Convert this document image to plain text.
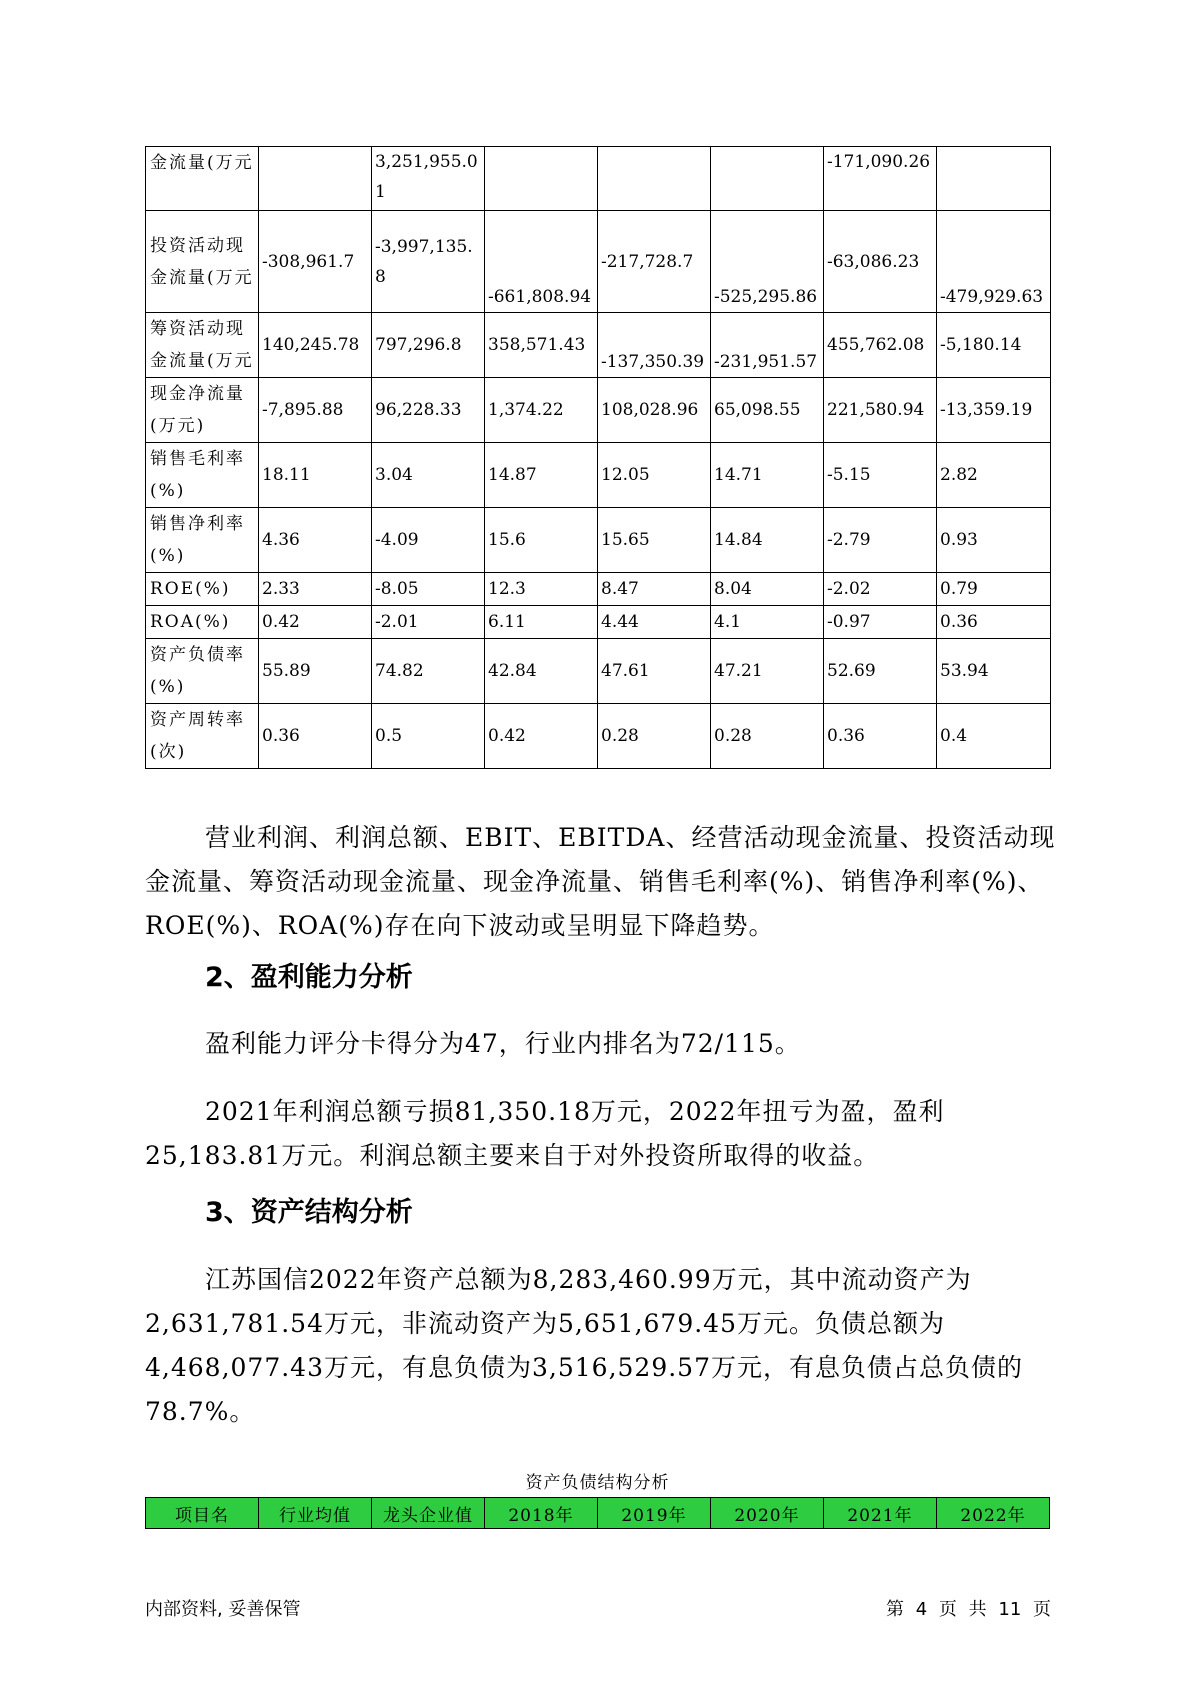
金流量(万元		3,251,955.01				-171,090.26	
投资活动现金流量(万元	-308,961.7	-3,997,135.8	-661,808.94	-217,728.7	-525,295.86	-63,086.23	-479,929.63
筹资活动现金流量(万元	140,245.78	797,296.8	358,571.43	-137,350.39	-231,951.57	455,762.08	-5,180.14
现金净流量(万元)	-7,895.88	96,228.33	1,374.22	108,028.96	65,098.55	221,580.94	-13,359.19
销售毛利率(%)	18.11	3.04	14.87	12.05	14.71	-5.15	2.82
销售净利率(%)	4.36	-4.09	15.6	15.65	14.84	-2.79	0.93
ROE(%)	2.33	-8.05	12.3	8.47	8.04	-2.02	0.79
ROA(%)	0.42	-2.01	6.11	4.44	4.1	-0.97	0.36
资产负债率(%)	55.89	74.82	42.84	47.61	47.21	52.69	53.94
资产周转率(次)	0.36	0.5	0.42	0.28	0.28	0.36	0.4

营业利润、利润总额、EBIT、EBITDA、经营活动现金流量、投资活动现金流量、筹资活动现金流量、现金净流量、销售毛利率(%)、销售净利率(%)、ROE(%)、ROA(%)存在向下波动或呈明显下降趋势。

2、盈利能力分析

盈利能力评分卡得分为47，行业内排名为72/115。

2021年利润总额亏损81,350.18万元，2022年扭亏为盈，盈利25,183.81万元。利润总额主要来自于对外投资所取得的收益。

3、资产结构分析

江苏国信2022年资产总额为8,283,460.99万元，其中流动资产为2,631,781.54万元，非流动资产为5,651,679.45万元。负债总额为4,468,077.43万元，有息负债为3,516,529.57万元，有息负债占总负债的78.7%。

资产负债结构分析
项目名	行业均值	龙头企业值	2018年	2019年	2020年	2021年	2022年
内部资料, 妥善保管	第 4 页 共 11 页
